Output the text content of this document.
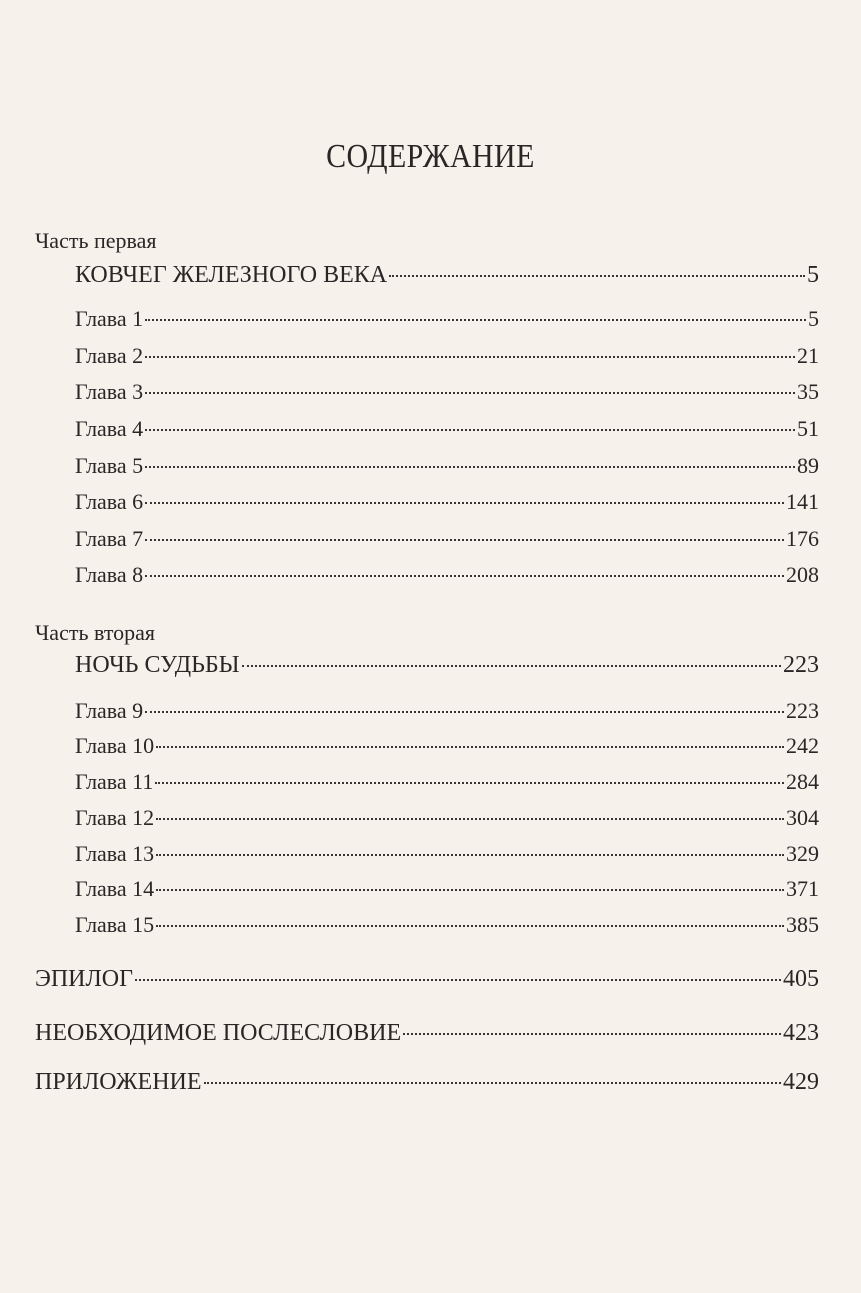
СОДЕРЖАНИЕ
Часть первая
КОВЧЕГ ЖЕЛЕЗНОГО ВЕКА	5
Глава 1	5
Глава 2	21
Глава 3	35
Глава 4	51
Глава 5	89
Глава 6	141
Глава 7	176
Глава 8	208
Часть вторая
НОЧЬ СУДЬБЫ	223
Глава 9	223
Глава 10	242
Глава 11	284
Глава 12	304
Глава 13	329
Глава 14	371
Глава 15	385
ЭПИЛОГ	405
НЕОБХОДИМОЕ ПОСЛЕСЛОВИЕ	423
ПРИЛОЖЕНИЕ	429
